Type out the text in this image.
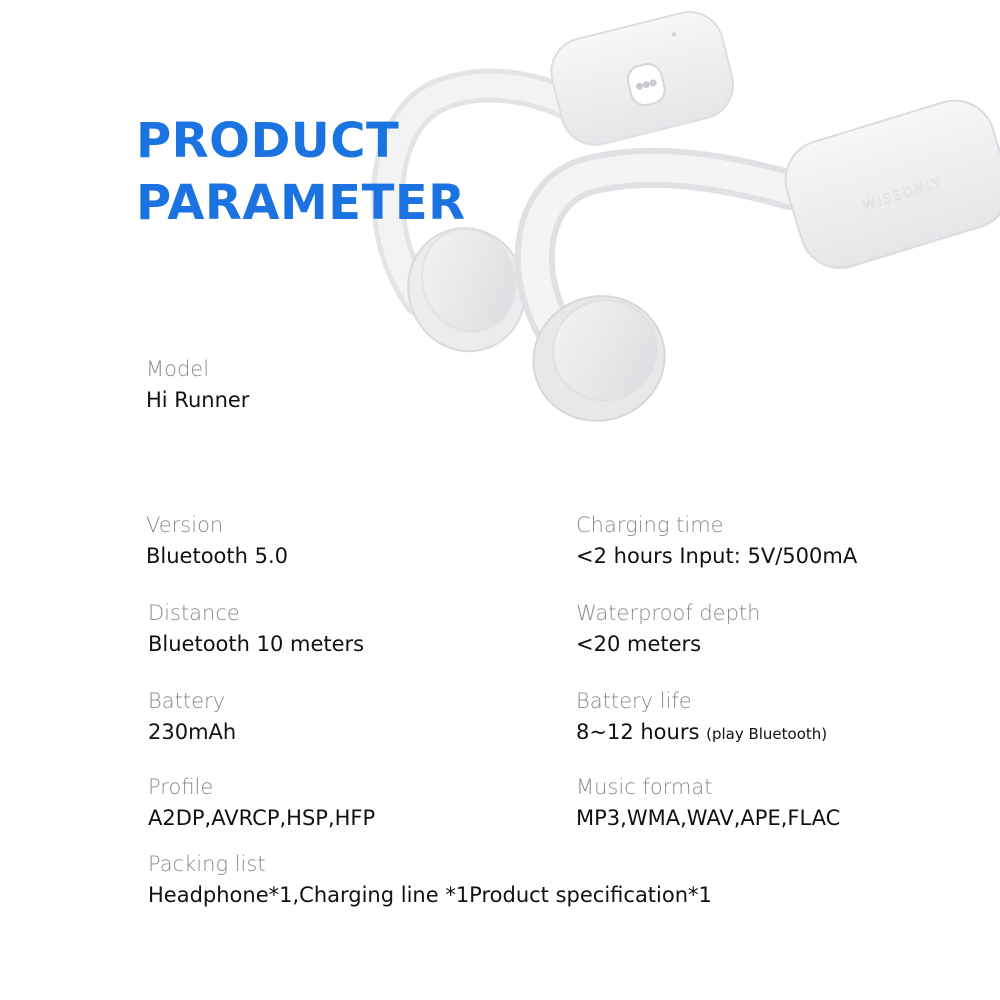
WISSONLY
PRODUCT
PARAMETER
Model
Hi Runner
Version
Bluetooth 5.0
Charging time
<2 hours Input: 5V/500mA
Distance
Bluetooth 10 meters
Waterproof depth
<20 meters
Battery
230mAh
Battery life
8~12 hours (play Bluetooth)
Profile
A2DP,AVRCP,HSP,HFP
Music format
MP3,WMA,WAV,APE,FLAC
Packing list
Headphone*1,Charging line *1Product specification*1
